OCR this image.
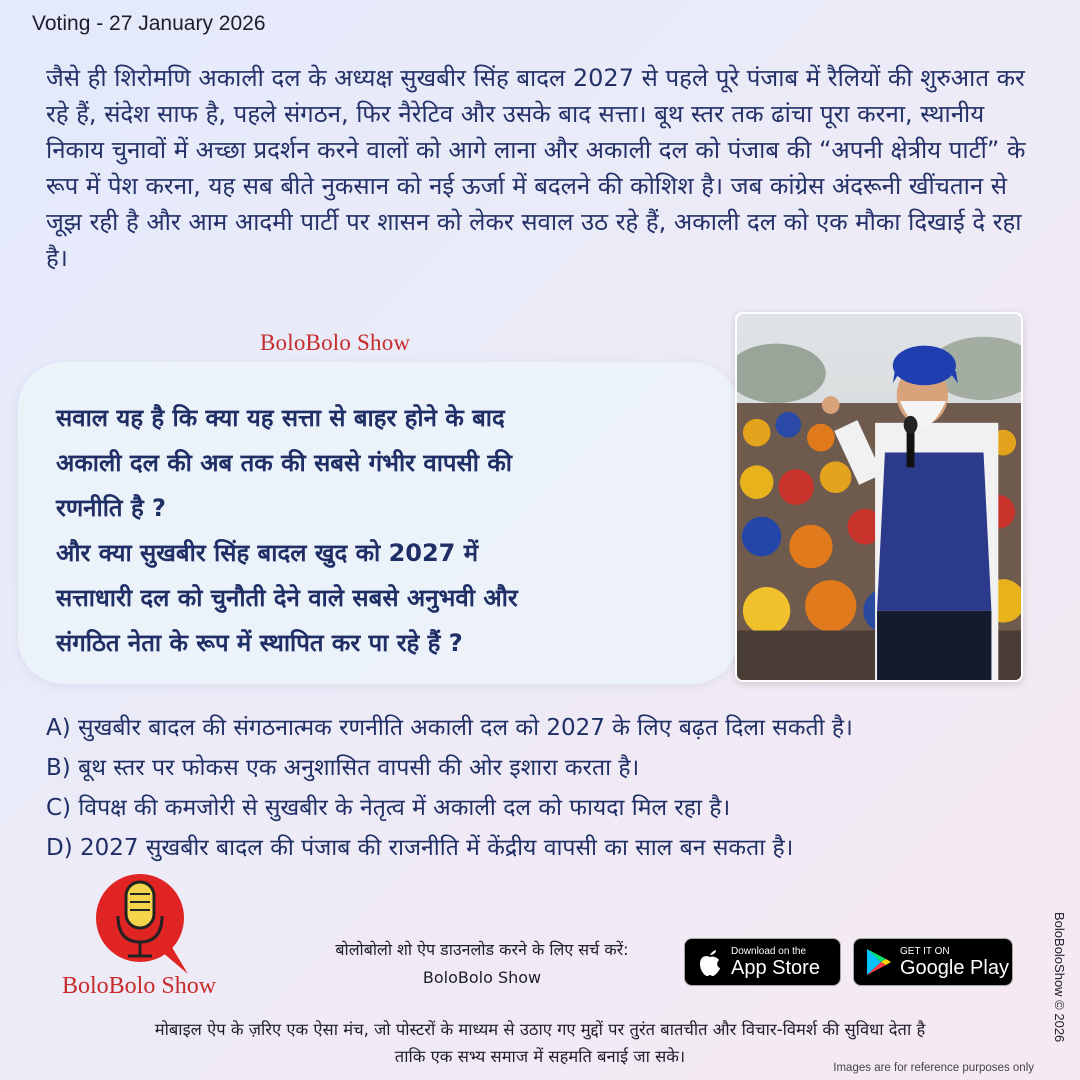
Voting - 27 January 2026

जैसे ही शिरोमणि अकाली दल के अध्यक्ष सुखबीर सिंह बादल 2027 से पहले पूरे पंजाब में रैलियों की शुरुआत कर रहे हैं, संदेश साफ है, पहले संगठन, फिर नैरेटिव और उसके बाद सत्ता। बूथ स्तर तक ढांचा पूरा करना, स्थानीय निकाय चुनावों में अच्छा प्रदर्शन करने वालों को आगे लाना और अकाली दल को पंजाब की “अपनी क्षेत्रीय पार्टी” के रूप में पेश करना, यह सब बीते नुकसान को नई ऊर्जा में बदलने की कोशिश है। जब कांग्रेस अंदरूनी खींचतान से जूझ रही है और आम आदमी पार्टी पर शासन को लेकर सवाल उठ रहे हैं, अकाली दल को एक मौका दिखाई दे रहा है।

BoloBolo Show
सवाल यह है कि क्या यह सत्ता से बाहर होने के बाद
अकाली दल की अब तक की सबसे गंभीर वापसी की
रणनीति है ?
और क्या सुखबीर सिंह बादल खुद को 2027 में
सत्ताधारी दल को चुनौती देने वाले सबसे अनुभवी और
संगठित नेता के रूप में स्थापित कर पा रहे हैं ?
A) सुखबीर बादल की संगठनात्मक रणनीति अकाली दल को 2027 के लिए बढ़त दिला सकती है।
B) बूथ स्तर पर फोकस एक अनुशासित वापसी की ओर इशारा करता है।
C) विपक्ष की कमजोरी से सुखबीर के नेतृत्व में अकाली दल को फायदा मिल रहा है।
D) 2027 सुखबीर बादल की पंजाब की राजनीति में केंद्रीय वापसी का साल बन सकता है।
BoloBolo Show
बोलोबोलो शो ऐप डाउनलोड करने के लिए सर्च करें:
BoloBolo Show
Download on the
App Store
GET IT ON
Google Play
मोबाइल ऐप के ज़रिए एक ऐसा मंच, जो पोस्टरों के माध्यम से उठाए गए मुद्दों पर तुरंत बातचीत और विचार-विमर्श की सुविधा देता है
ताकि एक सभ्य समाज में सहमति बनाई जा सके।
BoloBoloShow © 2026
Images are for reference purposes only
